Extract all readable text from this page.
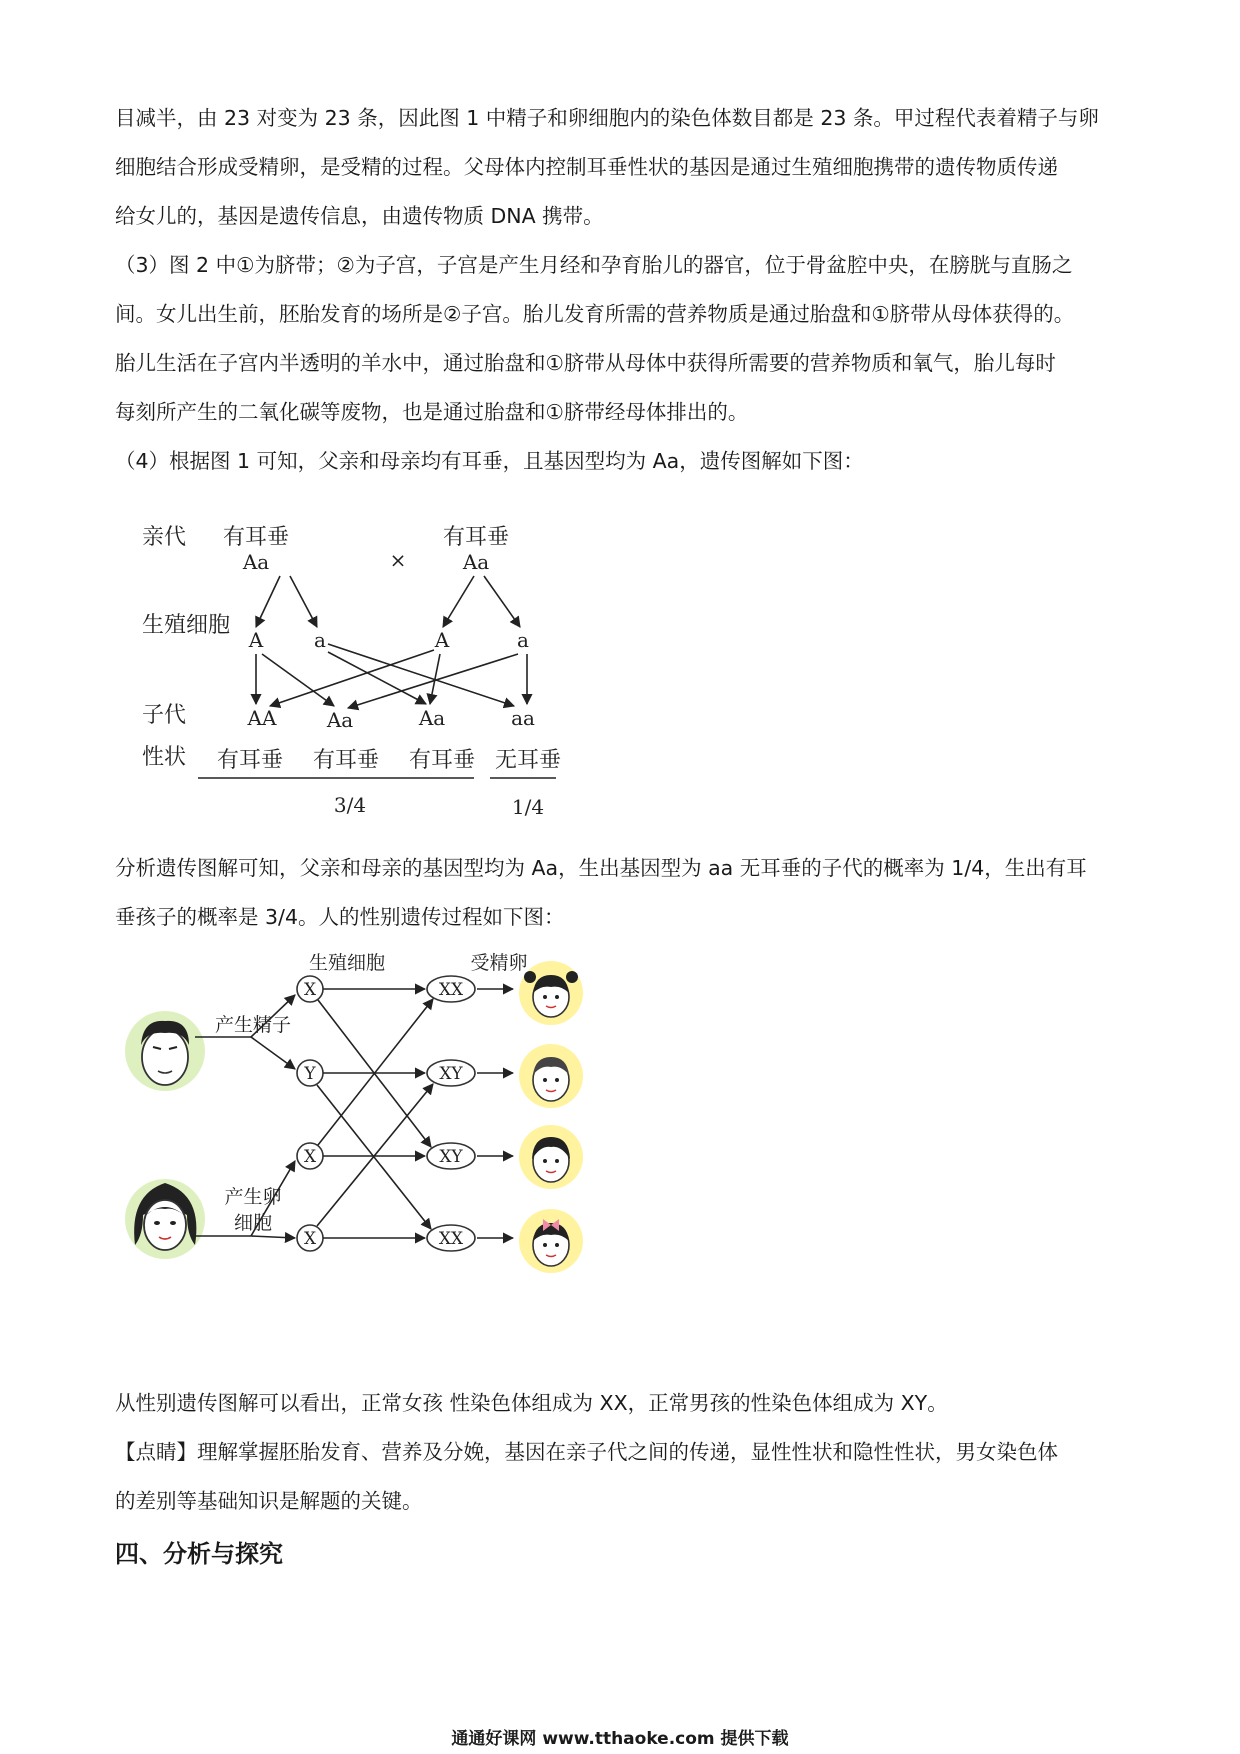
目减半，由 23 对变为 23 条，因此图 1 中精子和卵细胞内的染色体数目都是 23 条。甲过程代表着精子与卵
细胞结合形成受精卵，是受精的过程。父母体内控制耳垂性状的基因是通过生殖细胞携带的遗传物质传递
给女儿的，基因是遗传信息，由遗传物质 DNA 携带。
（3）图 2 中①为脐带；②为子宫，子宫是产生月经和孕育胎儿的器官，位于骨盆腔中央，在膀胱与直肠之
间。女儿出生前，胚胎发育的场所是②子宫。胎儿发育所需的营养物质是通过胎盘和①脐带从母体获得的。
胎儿生活在子宫内半透明的羊水中，通过胎盘和①脐带从母体中获得所需要的营养物质和氧气，胎儿每时
每刻所产生的二氧化碳等废物，也是通过胎盘和①脐带经母体排出的。
（4）根据图 1 可知，父亲和母亲均有耳垂，且基因型均为 Aa，遗传图解如下图：
亲代
生殖细胞
子代
性状
有耳垂	有耳垂
Aa	×	Aa
A	a	A	a
AA	Aa	Aa	aa
有耳垂 有耳垂 有耳垂 无耳垂
3/4	1/4
分析遗传图解可知，父亲和母亲的基因型均为 Aa，生出基因型为 aa 无耳垂的子代的概率为 1/4，生出有耳
垂孩子的概率是 3/4。人的性别遗传过程如下图：
生殖细胞	受精卵
产生精子
产生卵
细胞
X
Y
X
X
XX
XY
XY
XX
从性别遗传图解可以看出，正常女孩 性染色体组成为 XX，正常男孩的性染色体组成为 XY。
【点睛】理解掌握胚胎发育、营养及分娩，基因在亲子代之间的传递，显性性状和隐性性状，男女染色体
的差别等基础知识是解题的关键。
四、分析与探究
通通好课网 www.tthaoke.com 提供下载
